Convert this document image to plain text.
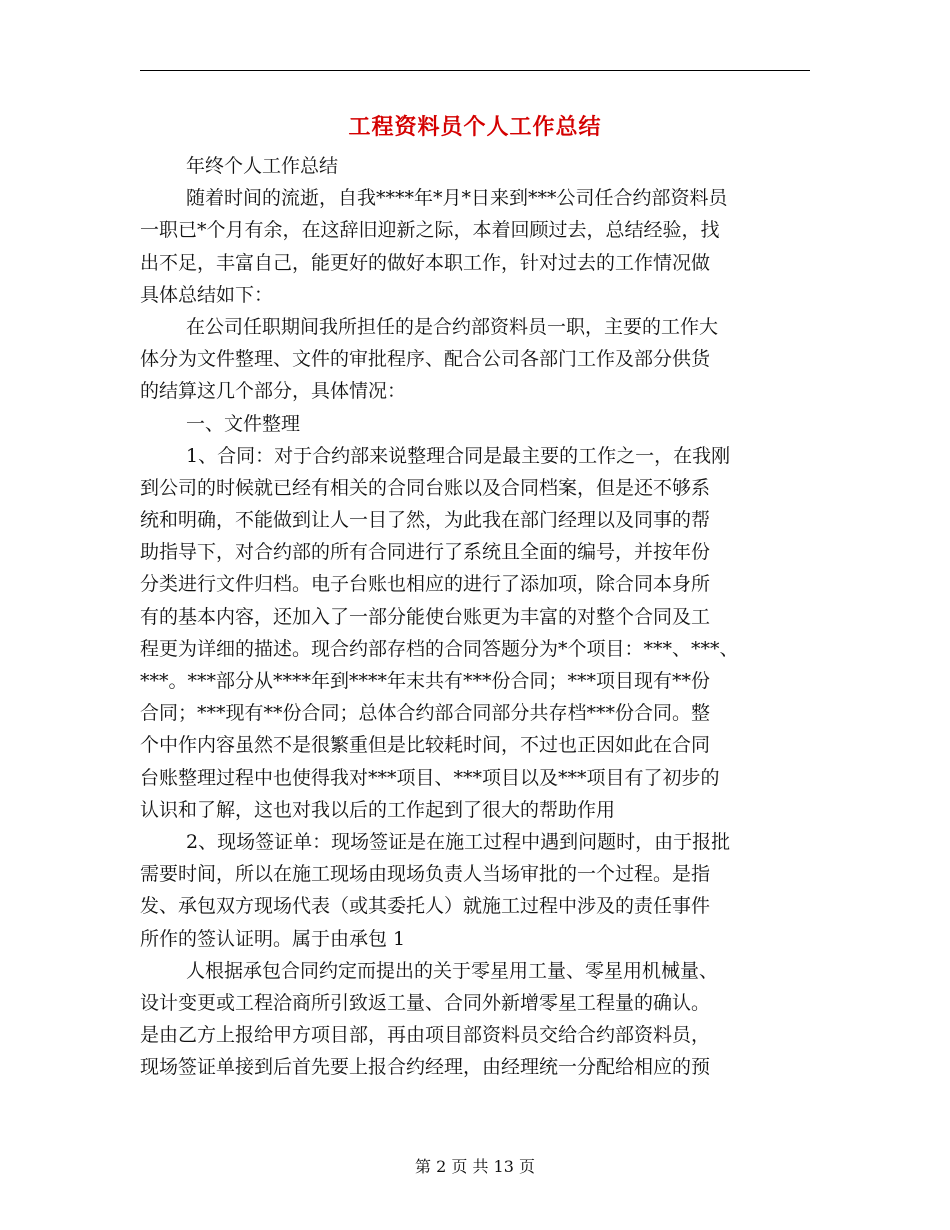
工程资料员个人工作总结
年终个人工作总结
随着时间的流逝，自我****年*月*日来到***公司任合约部资料员
一职已*个月有余，在这辞旧迎新之际，本着回顾过去，总结经验，找
出不足，丰富自己，能更好的做好本职工作，针对过去的工作情况做
具体总结如下：
在公司任职期间我所担任的是合约部资料员一职，主要的工作大
体分为文件整理、文件的审批程序、配合公司各部门工作及部分供货
的结算这几个部分，具体情况：
一、文件整理
1、合同：对于合约部来说整理合同是最主要的工作之一，在我刚
到公司的时候就已经有相关的合同台账以及合同档案，但是还不够系
统和明确，不能做到让人一目了然，为此我在部门经理以及同事的帮
助指导下，对合约部的所有合同进行了系统且全面的编号，并按年份
分类进行文件归档。电子台账也相应的进行了添加项，除合同本身所
有的基本内容，还加入了一部分能使台账更为丰富的对整个合同及工
程更为详细的描述。现合约部存档的合同答题分为*个项目：***、***、
***。***部分从****年到****年末共有***份合同；***项目现有**份
合同；***现有**份合同；总体合约部合同部分共存档***份合同。整
个中作内容虽然不是很繁重但是比较耗时间，不过也正因如此在合同
台账整理过程中也使得我对***项目、***项目以及***项目有了初步的
认识和了解，这也对我以后的工作起到了很大的帮助作用
2、现场签证单：现场签证是在施工过程中遇到问题时，由于报批
需要时间，所以在施工现场由现场负责人当场审批的一个过程。是指
发、承包双方现场代表（或其委托人）就施工过程中涉及的责任事件
所作的签认证明。属于由承包 1
人根据承包合同约定而提出的关于零星用工量、零星用机械量、
设计变更或工程洽商所引致返工量、合同外新增零星工程量的确认。
是由乙方上报给甲方项目部，再由项目部资料员交给合约部资料员，
现场签证单接到后首先要上报合约经理，由经理统一分配给相应的预
第 2 页 共 13 页
